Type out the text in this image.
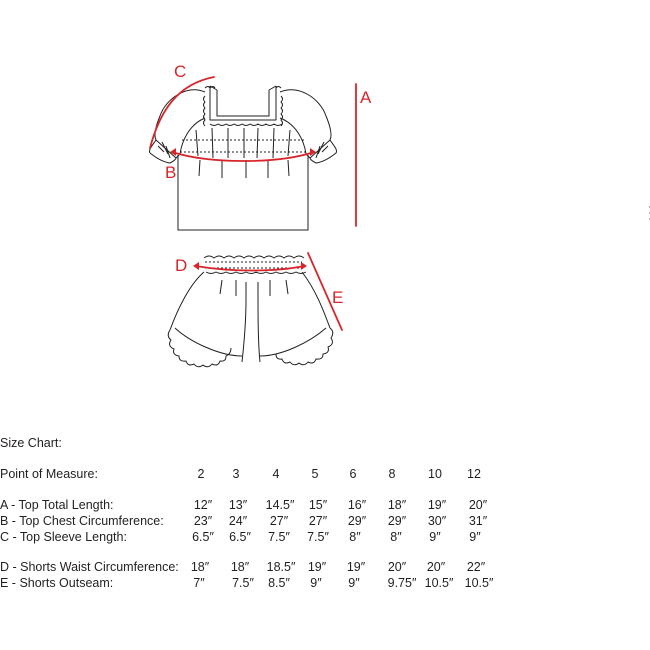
C
B
A
D
E
Size Chart:
Point of Measure:	2 3	4	5 6	8	10 12
A - Top Total Length:	12″ 13″ 14.5″ 15″ 16″ 18″ 19″ 20″
B - Top Chest Circumference: 23″ 24″ 27″ 27″ 29″ 29″ 30″ 31″
C - Top Sleeve Length:	6.5″ 6.5″ 7.5″ 7.5″ 8″ 8″ 9″ 9″
D - Shorts Waist Circumference: 18″ 18″ 18.5″ 19″ 19″ 20″ 20″ 22″
E - Shorts Outseam:	7″ 7.5″ 8.5″ 9″ 9″ 9.75″ 10.5″ 10.5″
